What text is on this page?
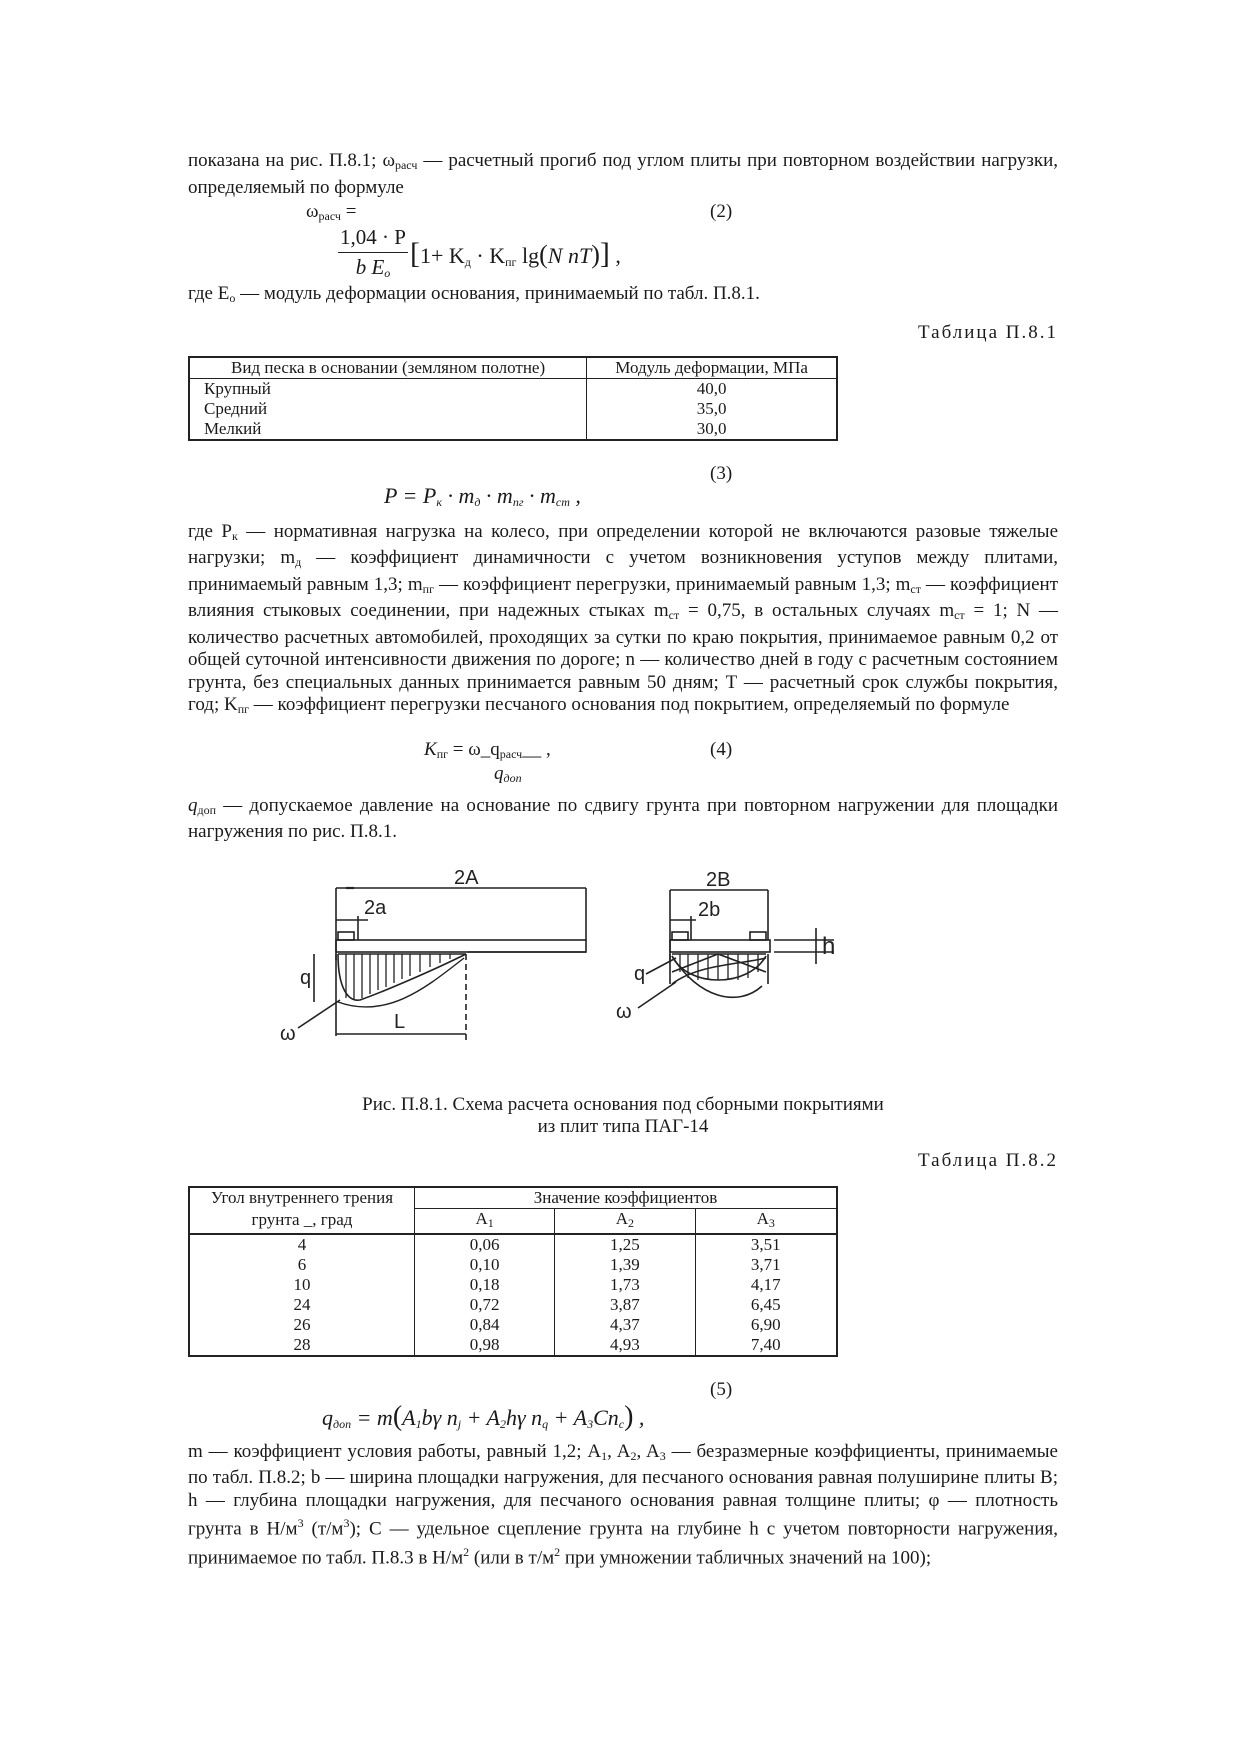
показана на рис. П.8.1; $\omega_{расч}$ — расчетный прогиб под углом плиты при повторном воздействии нагрузки, определяемый по формуле

$\omega_{расч}$ =	(2)
1,04 · P
b $E_o$
[$1+ K_д \cdot K_{пг}$ lg(N nT)] ,

где $E_o$ — модуль деформации основания, принимаемый по табл. П.8.1.

Таблица П.8.1
Вид песка в основании (земляном полотне)	Модуль деформации, МПа
Крупный	40,0
Средний	35,0
Мелкий	30,0
(3)
$P = P_к \cdot m_д \cdot m_{пг} \cdot m_{ст}$ ,

где $P_к$ — нормативная нагрузка на колесо, при определении которой не включаются разовые тяжелые нагрузки; $m_д$ — коэффициент динамичности с учетом возникновения уступов между плитами, принимаемый равным 1,3; $m_{пг}$ — коэффициент перегрузки, принимаемый равным 1,3; $m_{ст}$ — коэффициент влияния стыковых соединении, при надежных стыках $m_{ст} = 0,75$, в остальных случаях $m_{ст} = 1$; N — количество расчетных автомобилей, проходящих за сутки по краю покрытия, принимаемое равным 0,2 от общей суточной интенсивности движения по дороге; n — количество дней в году с расчетным состоянием грунта, без специальных данных принимается равным 50 дням; T — расчетный срок службы покрытия, год; $K_{пг}$ — коэффициент перегрузки песчаного основания под покрытием, определяемый по формуле

$K_{пг}$ = $\omega\_q_{расч}\_\_$ ,
$q_{доп}$
(4)

$q_{доп}$ — допускаемое давление на основание по сдвигу грунта при повторном нагружении для площадки нагружения по рис. П.8.1.

2A
2a
q
ω
L
2B
2b
h
q
ω
Рис. П.8.1. Схема расчета основания под сборными покрытиями
из плит типа ПАГ-14
Таблица П.8.2
Угол внутреннего трения	Значение коэффициентов		
грунта _, град	$A_1$	$A_2$	$A_3$
4	0,06	1,25	3,51
6	0,10	1,39	3,71
10	0,18	1,73	4,17
24	0,72	3,87	6,45
26	0,84	4,37	6,90
28	0,98	4,93	7,40
(5)
$q_{доп} = m(A_1b\gamma$ $n_j + A_2h\gamma$ $n_q + A_3Cn_c$) ,

m — коэффициент условия работы, равный 1,2; $A_1$, $A_2$, $A_3$ — безразмерные коэффициенты, принимаемые по табл. П.8.2; b — ширина площадки нагружения, для песчаного основания равная полуширине плиты B; h — глубина площадки нагружения, для песчаного основания равная толщине плиты; φ — плотность грунта в $Н/м^3$ $(т/м^3)$; C — удельное сцепление грунта на глубине h с учетом повторности нагружения, принимаемое по табл. П.8.3 в $Н/м^2$ (или в $т/м^2$ при умножении табличных значений на 100);
